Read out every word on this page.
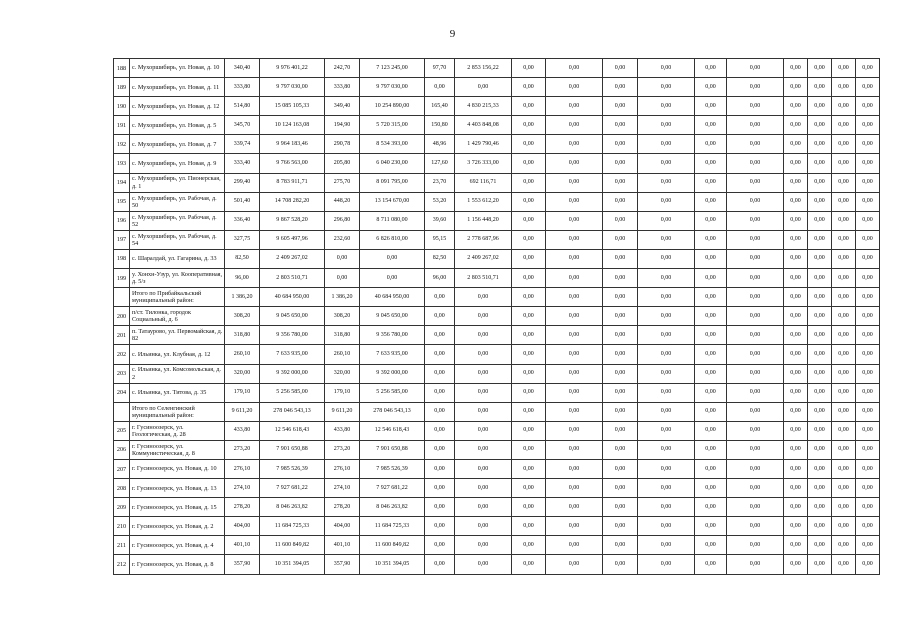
9
188	с. Мухоршибирь, ул. Новая, д. 10	340,40	9 976 401,22	242,70	7 123 245,00	97,70	2 853 156,22	0,00	0,00	0,00	0,00	0,00	0,00	0,00	0,00	0,00	0,00
189	с. Мухоршибирь, ул. Новая, д. 11	333,80	9 797 030,00	333,80	9 797 030,00	0,00	0,00	0,00	0,00	0,00	0,00	0,00	0,00	0,00	0,00	0,00	0,00
190	с. Мухоршибирь, ул. Новая, д. 12	514,80	15 085 105,33	349,40	10 254 890,00	165,40	4 830 215,33	0,00	0,00	0,00	0,00	0,00	0,00	0,00	0,00	0,00	0,00
191	с. Мухоршибирь, ул. Новая, д. 5	345,70	10 124 163,08	194,90	5 720 315,00	150,80	4 403 848,08	0,00	0,00	0,00	0,00	0,00	0,00	0,00	0,00	0,00	0,00
192	с. Мухоршибирь, ул. Новая, д. 7	339,74	9 964 183,46	290,78	8 534 393,00	48,96	1 429 790,46	0,00	0,00	0,00	0,00	0,00	0,00	0,00	0,00	0,00	0,00
193	с. Мухоршибирь, ул. Новая, д. 9	333,40	9 766 563,00	205,80	6 040 230,00	127,60	3 726 333,00	0,00	0,00	0,00	0,00	0,00	0,00	0,00	0,00	0,00	0,00
194	с. Мухоршибирь, ул. Пионерская, д. 1	299,40	8 783 911,71	275,70	8 091 795,00	23,70	692 116,71	0,00	0,00	0,00	0,00	0,00	0,00	0,00	0,00	0,00	0,00
195	с. Мухоршибирь, ул. Рабочая, д. 50	501,40	14 708 282,20	448,20	13 154 670,00	53,20	1 553 612,20	0,00	0,00	0,00	0,00	0,00	0,00	0,00	0,00	0,00	0,00
196	с. Мухоршибирь, ул. Рабочая, д. 52	336,40	9 867 528,20	296,80	8 711 080,00	39,60	1 156 448,20	0,00	0,00	0,00	0,00	0,00	0,00	0,00	0,00	0,00	0,00
197	с. Мухоршибирь, ул. Рабочая, д. 54	327,75	9 605 497,96	232,60	6 826 810,00	95,15	2 778 687,96	0,00	0,00	0,00	0,00	0,00	0,00	0,00	0,00	0,00	0,00
198	с. Шаралдай, ул. Гагарина, д. 33	82,50	2 409 267,02	0,00	0,00	82,50	2 409 267,02	0,00	0,00	0,00	0,00	0,00	0,00	0,00	0,00	0,00	0,00
199	у. Хонхн-Узур, ул. Кооперативная, д. 5/з	96,00	2 803 510,71	0,00	0,00	96,00	2 803 510,71	0,00	0,00	0,00	0,00	0,00	0,00	0,00	0,00	0,00	0,00
	Итого по Прибайкальский муниципальный район:	1 386,20	40 684 950,00	1 386,20	40 684 950,00	0,00	0,00	0,00	0,00	0,00	0,00	0,00	0,00	0,00	0,00	0,00	0,00
200	п/ст. Тилонка, городок Социальный, д. 6	308,20	9 045 650,00	308,20	9 045 650,00	0,00	0,00	0,00	0,00	0,00	0,00	0,00	0,00	0,00	0,00	0,00	0,00
201	п. Татаурово, ул. Первомайская, д. 82	318,80	9 356 780,00	318,80	9 356 780,00	0,00	0,00	0,00	0,00	0,00	0,00	0,00	0,00	0,00	0,00	0,00	0,00
202	с. Ильинка, ул. Клубная, д. 12	260,10	7 633 935,00	260,10	7 633 935,00	0,00	0,00	0,00	0,00	0,00	0,00	0,00	0,00	0,00	0,00	0,00	0,00
203	с. Ильинка, ул. Комсомольская, д. 2	320,00	9 392 000,00	320,00	9 392 000,00	0,00	0,00	0,00	0,00	0,00	0,00	0,00	0,00	0,00	0,00	0,00	0,00
204	с. Ильинка, ул. Титова, д. 35	179,10	5 256 585,00	179,10	5 256 585,00	0,00	0,00	0,00	0,00	0,00	0,00	0,00	0,00	0,00	0,00	0,00	0,00
	Итого по Селенгинский муниципальный район:	9 611,20	278 046 543,13	9 611,20	278 046 543,13	0,00	0,00	0,00	0,00	0,00	0,00	0,00	0,00	0,00	0,00	0,00	0,00
205	г. Гусиноозерск, ул. Геологическая, д. 28	433,80	12 546 618,43	433,80	12 546 618,43	0,00	0,00	0,00	0,00	0,00	0,00	0,00	0,00	0,00	0,00	0,00	0,00
206	г. Гусиноозерск, ул. Коммунистическая, д. 8	273,20	7 901 650,88	273,20	7 901 650,88	0,00	0,00	0,00	0,00	0,00	0,00	0,00	0,00	0,00	0,00	0,00	0,00
207	г. Гусиноозерск, ул. Новая, д. 10	276,10	7 985 526,39	276,10	7 985 526,39	0,00	0,00	0,00	0,00	0,00	0,00	0,00	0,00	0,00	0,00	0,00	0,00
208	г. Гусиноозерск, ул. Новая, д. 13	274,10	7 927 681,22	274,10	7 927 681,22	0,00	0,00	0,00	0,00	0,00	0,00	0,00	0,00	0,00	0,00	0,00	0,00
209	г. Гусиноозерск, ул. Новая, д. 15	278,20	8 046 263,82	278,20	8 046 263,82	0,00	0,00	0,00	0,00	0,00	0,00	0,00	0,00	0,00	0,00	0,00	0,00
210	г. Гусиноозерск, ул. Новая, д. 2	404,00	11 684 725,33	404,00	11 684 725,33	0,00	0,00	0,00	0,00	0,00	0,00	0,00	0,00	0,00	0,00	0,00	0,00
211	г. Гусиноозерск, ул. Новая, д. 4	401,10	11 600 849,82	401,10	11 600 849,82	0,00	0,00	0,00	0,00	0,00	0,00	0,00	0,00	0,00	0,00	0,00	0,00
212	г. Гусиноозерск, ул. Новая, д. 8	357,90	10 351 394,05	357,90	10 351 394,05	0,00	0,00	0,00	0,00	0,00	0,00	0,00	0,00	0,00	0,00	0,00	0,00
